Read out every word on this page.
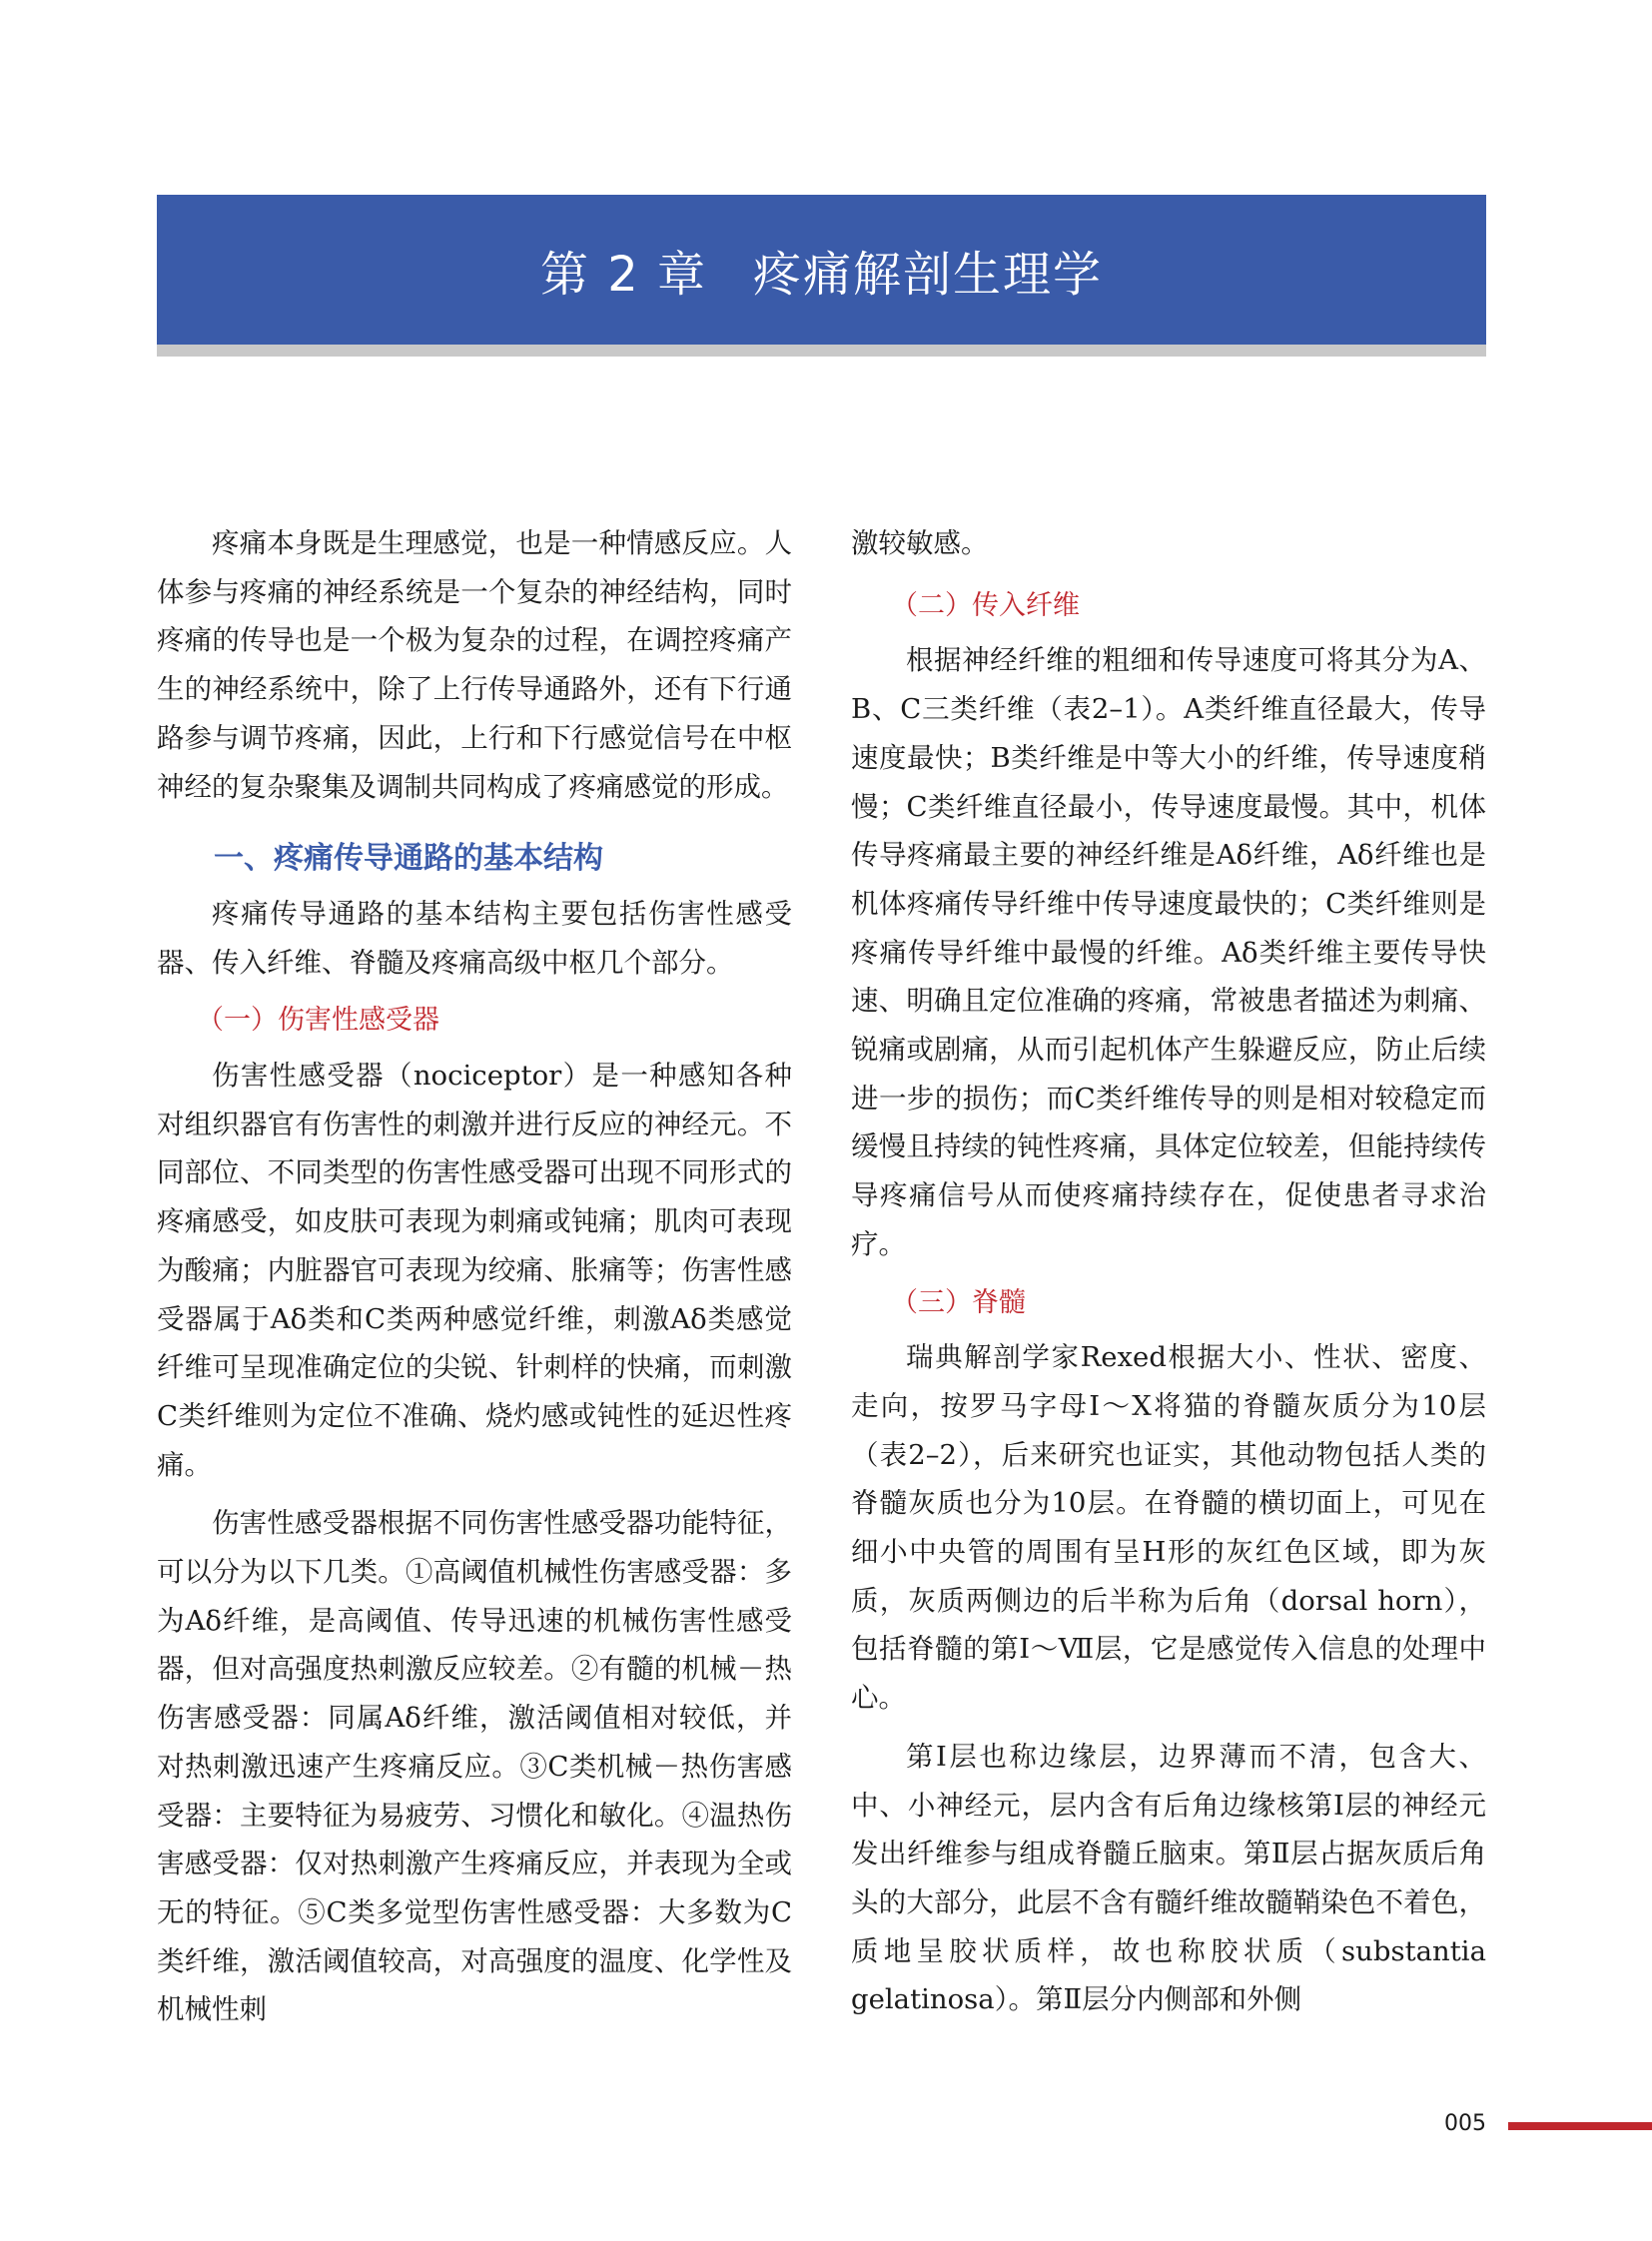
第 2 章 疼痛解剖生理学

疼痛本身既是生理感觉，也是一种情感反应。人体参与疼痛的神经系统是一个复杂的神经结构，同时疼痛的传导也是一个极为复杂的过程，在调控疼痛产生的神经系统中，除了上行传导通路外，还有下行通路参与调节疼痛，因此，上行和下行感觉信号在中枢神经的复杂聚集及调制共同构成了疼痛感觉的形成。

一、疼痛传导通路的基本结构

疼痛传导通路的基本结构主要包括伤害性感受器、传入纤维、脊髓及疼痛高级中枢几个部分。

（一）伤害性感受器

伤害性感受器（nociceptor）是一种感知各种对组织器官有伤害性的刺激并进行反应的神经元。不同部位、不同类型的伤害性感受器可出现不同形式的疼痛感受，如皮肤可表现为刺痛或钝痛；肌肉可表现为酸痛；内脏器官可表现为绞痛、胀痛等；伤害性感受器属于Aδ类和C类两种感觉纤维，刺激Aδ类感觉纤维可呈现准确定位的尖锐、针刺样的快痛，而刺激C类纤维则为定位不准确、烧灼感或钝性的延迟性疼痛。

伤害性感受器根据不同伤害性感受器功能特征，可以分为以下几类。①高阈值机械性伤害感受器：多为Aδ纤维，是高阈值、传导迅速的机械伤害性感受器，但对高强度热刺激反应较差。②有髓的机械－热伤害感受器：同属Aδ纤维，激活阈值相对较低，并对热刺激迅速产生疼痛反应。③C类机械－热伤害感受器：主要特征为易疲劳、习惯化和敏化。④温热伤害感受器：仅对热刺激产生疼痛反应，并表现为全或无的特征。⑤C类多觉型伤害性感受器：大多数为C类纤维，激活阈值较高，对高强度的温度、化学性及机械性刺

激较敏感。

（二）传入纤维

根据神经纤维的粗细和传导速度可将其分为A、B、C三类纤维（表2–1）。A类纤维直径最大，传导速度最快；B类纤维是中等大小的纤维，传导速度稍慢；C类纤维直径最小，传导速度最慢。其中，机体传导疼痛最主要的神经纤维是Aδ纤维，Aδ纤维也是机体疼痛传导纤维中传导速度最快的；C类纤维则是疼痛传导纤维中最慢的纤维。Aδ类纤维主要传导快速、明确且定位准确的疼痛，常被患者描述为刺痛、锐痛或剧痛，从而引起机体产生躲避反应，防止后续进一步的损伤；而C类纤维传导的则是相对较稳定而缓慢且持续的钝性疼痛，具体定位较差，但能持续传导疼痛信号从而使疼痛持续存在，促使患者寻求治疗。

（三）脊髓

瑞典解剖学家Rexed根据大小、性状、密度、走向，按罗马字母Ⅰ～Ⅹ将猫的脊髓灰质分为10层（表2–2），后来研究也证实，其他动物包括人类的脊髓灰质也分为10层。在脊髓的横切面上，可见在细小中央管的周围有呈H形的灰红色区域，即为灰质，灰质两侧边的后半称为后角（dorsal horn），包括脊髓的第Ⅰ～Ⅶ层，它是感觉传入信息的处理中心。

第Ⅰ层也称边缘层，边界薄而不清，包含大、中、小神经元，层内含有后角边缘核第Ⅰ层的神经元发出纤维参与组成脊髓丘脑束。第Ⅱ层占据灰质后角头的大部分，此层不含有髓纤维故髓鞘染色不着色，质地呈胶状质样，故也称胶状质（substantia gelatinosa）。第Ⅱ层分内侧部和外侧

005
